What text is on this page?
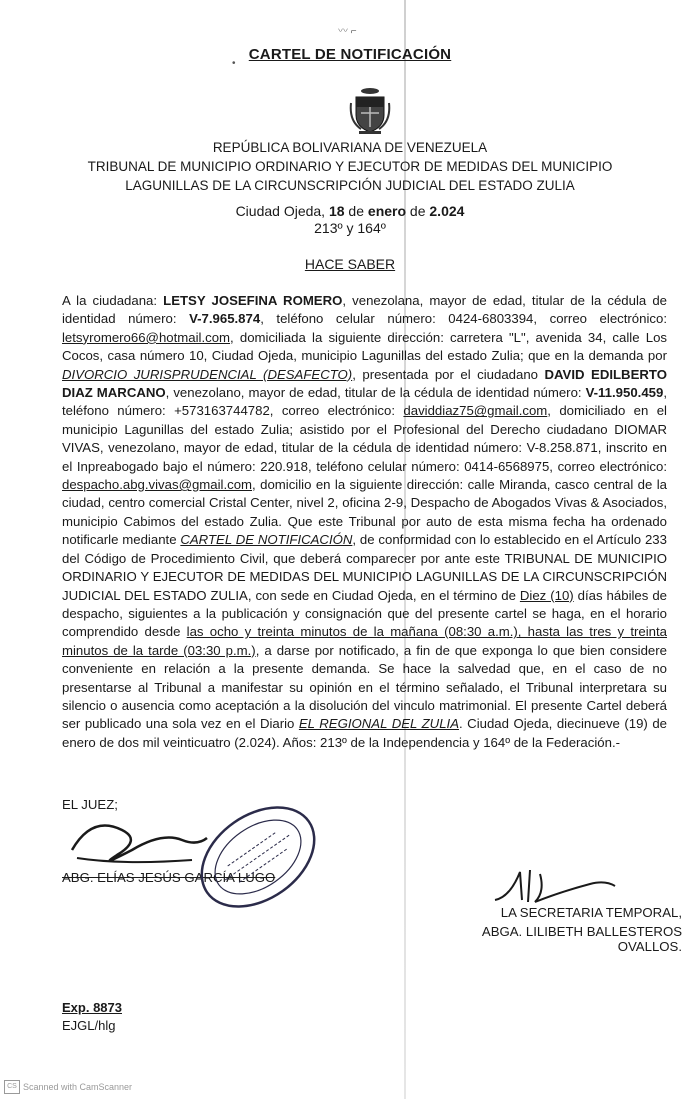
〰 ⌐
•
CARTEL DE NOTIFICACIÓN
REPÚBLICA BOLIVARIANA DE VENEZUELA
TRIBUNAL DE MUNICIPIO ORDINARIO Y EJECUTOR DE MEDIDAS DEL MUNICIPIO
LAGUNILLAS DE LA CIRCUNSCRIPCIÓN JUDICIAL DEL ESTADO ZULIA
Ciudad Ojeda, 18 de enero de 2.024
213º y 164º
HACE SABER

A la ciudadana: LETSY JOSEFINA ROMERO, venezolana, mayor de edad, titular de la cédula de identidad número: V-7.965.874, teléfono celular número: 0424-6803394, correo electrónico: letsyromero66@hotmail.com, domiciliada la siguiente dirección: carretera "L", avenida 34, calle Los Cocos, casa número 10, Ciudad Ojeda, municipio Lagunillas del estado Zulia; que en la demanda por DIVORCIO JURISPRUDENCIAL (DESAFECTO), presentada por el ciudadano DAVID EDILBERTO DIAZ MARCANO, venezolano, mayor de edad, titular de la cédula de identidad número: V-11.950.459, teléfono número: +573163744782, correo electrónico: daviddiaz75@gmail.com, domiciliado en el municipio Lagunillas del estado Zulia; asistido por el Profesional del Derecho ciudadano DIOMAR VIVAS, venezolano, mayor de edad, titular de la cédula de identidad número: V-8.258.871, inscrito en el Inpreabogado bajo el número: 220.918, teléfono celular número: 0414-6568975, correo electrónico: despacho.abg.vivas@gmail.com, domicilio en la siguiente dirección: calle Miranda, casco central de la ciudad, centro comercial Cristal Center, nivel 2, oficina 2-9, Despacho de Abogados Vivas & Asociados, municipio Cabimos del estado Zulia. Que este Tribunal por auto de esta misma fecha ha ordenado notificarle mediante CARTEL DE NOTIFICACIÓN, de conformidad con lo establecido en el Artículo 233 del Código de Procedimiento Civil, que deberá comparecer por ante este TRIBUNAL DE MUNICIPIO ORDINARIO Y EJECUTOR DE MEDIDAS DEL MUNICIPIO LAGUNILLAS DE LA CIRCUNSCRIPCIÓN JUDICIAL DEL ESTADO ZULIA, con sede en Ciudad Ojeda, en el término de Diez (10) días hábiles de despacho, siguientes a la publicación y consignación que del presente cartel se haga, en el horario comprendido desde las ocho y treinta minutos de la mañana (08:30 a.m.), hasta las tres y treinta minutos de la tarde (03:30 p.m.), a darse por notificado, a fin de que exponga lo que bien considere conveniente en relación a la presente demanda. Se hace la salvedad que, en el caso de no presentarse al Tribunal a manifestar su opinión en el término señalado, el Tribunal interpretara su silencio o ausencia como aceptación a la disolución del vinculo matrimonial. El presente Cartel deberá ser publicado una sola vez en el Diario EL REGIONAL DEL ZULIA. Ciudad Ojeda, diecinueve (19) de enero de dos mil veinticuatro (2.024). Años: 213º de la Independencia y 164º de la Federación.-

EL JUEZ;
ABG. ELÍAS JESÚS GARCÍA LUGO
LA SECRETARIA TEMPORAL,
ABGA. LILIBETH BALLESTEROS OVALLOS.
Exp. 8873
EJGL/hlg
CS Scanned with CamScanner
